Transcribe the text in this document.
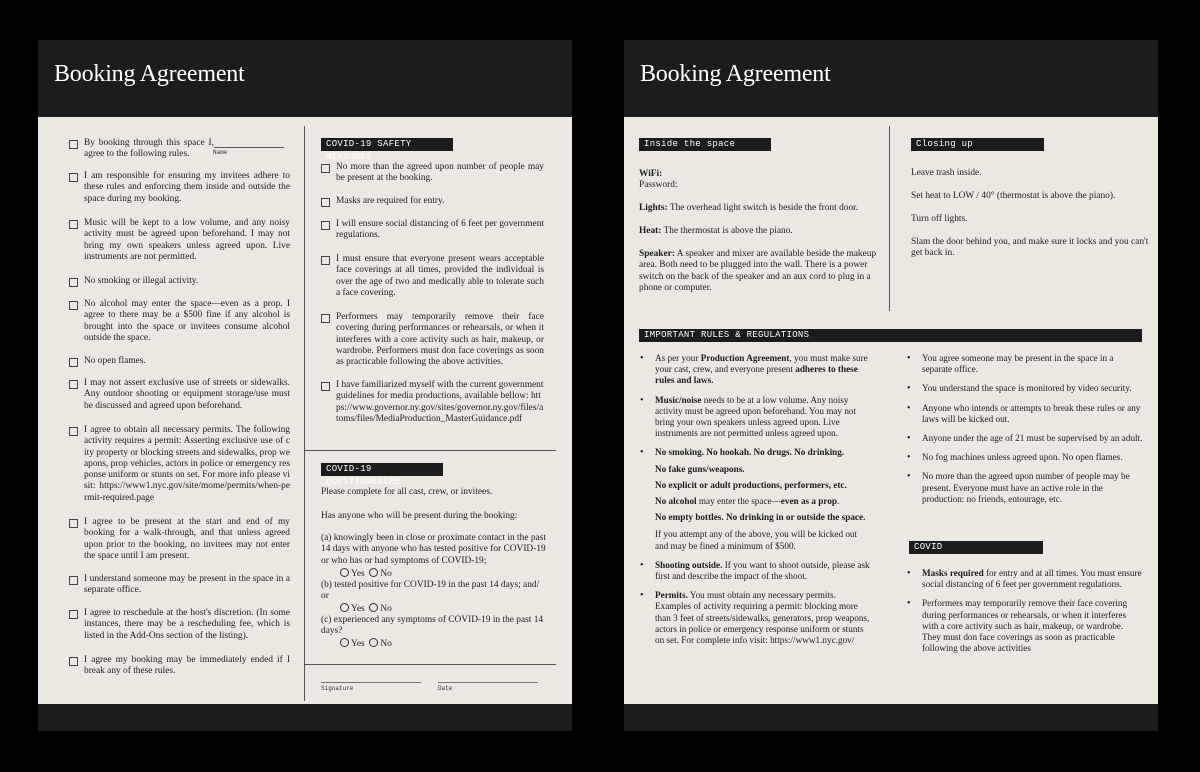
Booking Agreement
By booking through this space I, agree to the following rules.	Name
I am responsible for ensuring my invitees adhere to these rules and enforcing them inside and outside the space during my booking.
Music will be kept to a low volume, and any noisy activity must be agreed upon beforehand. I may not bring my own speakers unless agreed upon. Live instruments are not permitted.
No smoking or illegal activity.
No alcohol may enter the space—even as a prop. I agree to there may be a $500 fine if any alcohol is brought into the space or invitees consume alcohol outside the space.
No open flames.
I may not assert exclusive use of streets or sidewalks. Any outdoor shooting or equipment storage/use must be discussed and agreed upon beforehand.
I agree to obtain all necessary permits. The following activity requires a permit: Asserting exclusive use of city property or blocking streets and sidewalks, prop weapons, prop vehicles, actors in police or emergency response uniform or stunts on set. For more info please visit: https://www1.nyc.gov/site/mome/permits/when-permit-required.page
I agree to be present at the start and end of my booking for a walk-through, and that unless agreed upon prior to the booking, no invitees may not enter the space until I am present.
I understand someone may be present in the space in a separate office.
I agree to reschedule at the host's discretion. (In some instances, there may be a rescheduling fee, which is listed in the Add-Ons section of the listing).
I agree my booking may be immediately ended if I break any of these rules.
COVID-19 SAFETY MEASURES
No more than the agreed upon number of people may be present at the booking.
Masks are required for entry.
I will ensure social distancing of 6 feet per government regulations.
I must ensure that everyone present wears acceptable face coverings at all times, provided the individual is over the age of two and medically able to tolerate such a face covering.
Performers may temporarily remove their face covering during performances or rehearsals, or when it interferes with a core activity such as hair, makeup, or wardrobe. Performers must don face coverings as soon as practicable following the above activities.
I have familiarized myself with the current government guidelines for media productions, available bellow: https://www.governor.ny.gov/sites/governor.ny.gov/files/atoms/files/MediaProduction_MasterGuidance.pdf
COVID-19 QUESTIONNAIRE
Please complete for all cast, crew, or invitees.
Has anyone who will be present during the booking:
(a) knowingly been in close or proximate contact in the past 14 days with anyone who has tested positive for COVID-19 or who has or had symptoms of COVID-19;
Yes No
(b) tested positive for COVID-19 in the past 14 days; and/ or
Yes No
(c) experienced any symptoms of COVID-19 in the past 14 days?
Yes No
Signature	Date
Booking Agreement
Inside the space
WiFi:
Password:
Lights: The overhead light switch is beside the front door.
Heat: The thermostat is above the piano.
Speaker: A speaker and mixer are available beside the makeup area. Both need to be plugged into the wall. There is a power switch on the back of the speaker and an aux cord to plug in a phone or computer.
Closing up
Leave trash inside.
Set heat to LOW / 40° (thermostat is above the piano).
Turn off lights.
Slam the door behind you, and make sure it locks and you can't get back in.
IMPORTANT RULES & REGULATIONS
• As per your Production Agreement, you must make sure your cast, crew, and everyone present adheres to these rules and laws.
• Music/noise needs to be at a low volume. Any noisy activity must be agreed upon beforehand. You may not bring your own speakers unless agreed upon. Live instruments are not permitted unless agreed upon.
• No smoking. No hookah. No drugs. No drinking.
No fake guns/weapons.
No explicit or adult productions, performers, etc.
No alcohol may enter the space—even as a prop.
No empty bottles. No drinking in or outside the space.
If you attempt any of the above, you will be kicked out and may be fined a minimum of $500.
• Shooting outside. If you want to shoot outside, please ask first and describe the impact of the shoot.
• Permits. You must obtain any necessary permits. Examples of activity requiring a permit: blocking more than 3 feet of streets/sidewalks, generators, prop weapons, actors in police or emergency response uniform or stunts on set. For complete info visit: https://www1.nyc.gov/
• You agree someone may be present in the space in a separate office.
• You understand the space is monitored by video security.
• Anyone who intends or attempts to break these rules or any laws will be kicked out.
• Anyone under the age of 21 must be supervised by an adult.
• No fog machines unless agreed upon. No open flames.
• No more than the agreed upon number of people may be present. Everyone must have an active role in the production: no friends, entourage, etc.
COVID
• Masks required for entry and at all times. You must ensure social distancing of 6 feet per government regulations.
• Performers may temporarily remove their face covering during performances or rehearsals, or when it interferes with a core activity such as hair, makeup, or wardrobe. They must don face coverings as soon as practicable following the above activities
